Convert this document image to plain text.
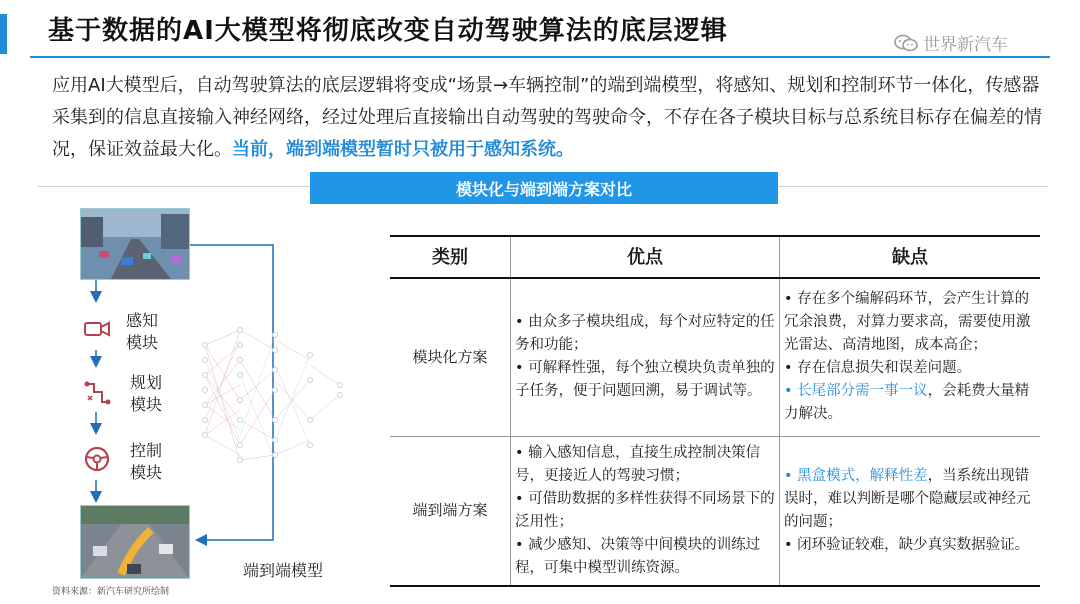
基于数据的AI大模型将彻底改变自动驾驶算法的底层逻辑	世界新汽车
应用AI大模型后，自动驾驶算法的底层逻辑将变成“场景→车辆控制”的端到端模型，将感知、规划和控制环节一体化，传感器采集到的信息直接输入神经网络，经过处理后直接输出自动驾驶的驾驶命令，不存在各子模块目标与总系统目标存在偏差的情况，保证效益最大化。当前，端到端模型暂时只被用于感知系统。
模块化与端到端方案对比
感知
模块
规划
模块
控制
模块
端到端模型
资料来源：新汽车研究所绘制
类别	优点	缺点
模块化方案	• 由众多子模块组成，每个对应特定的任务和功能；
• 可解释性强，每个独立模块负责单独的子任务，便于问题回溯，易于调试等。	• 存在多个编解码环节，会产生计算的冗余浪费，对算力要求高，需要使用激光雷达、高清地图，成本高企；
• 存在信息损失和误差问题。
• 长尾部分需一事一议，会耗费大量精力解决。

端到端方案	• 输入感知信息，直接生成控制决策信号，更接近人的驾驶习惯；
• 可借助数据的多样性获得不同场景下的泛用性；
• 减少感知、决策等中间模块的训练过程，可集中模型训练资源。	• 黑盒模式，解释性差，当系统出现错误时，难以判断是哪个隐藏层或神经元的问题；
• 闭环验证较难，缺少真实数据验证。
